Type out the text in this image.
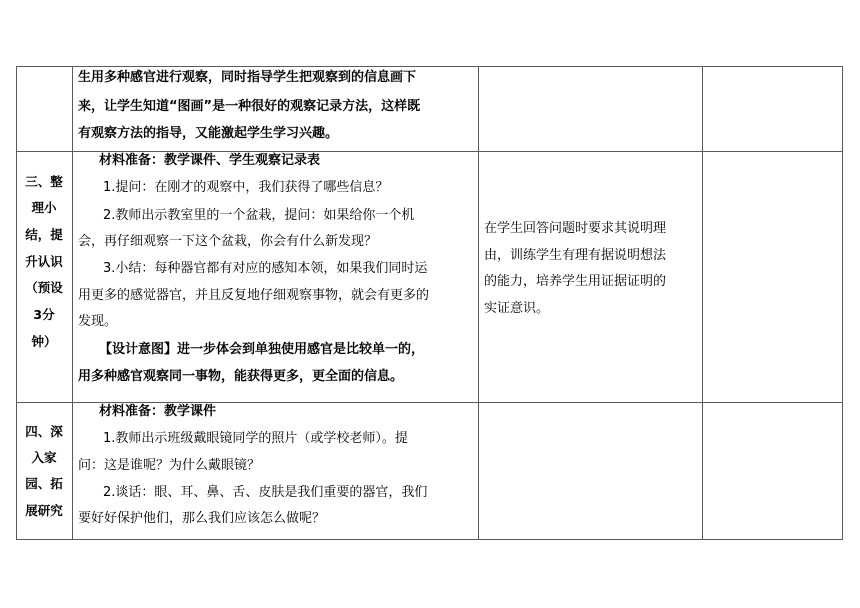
生用多种感官进行观察，同时指导学生把观察到的信息画下
来，让学生知道“图画”是一种很好的观察记录方法，这样既
有观察方法的指导，又能激起学生学习兴趣。
三、整
理小
结，提
升认识
（预设
3分
钟）
材料准备：教学课件、学生观察记录表
1.提问：在刚才的观察中，我们获得了哪些信息？
2.教师出示教室里的一个盆栽，提问：如果给你一个机
会，再仔细观察一下这个盆栽，你会有什么新发现？
3.小结：每种器官都有对应的感知本领，如果我们同时运
用更多的感觉器官，并且反复地仔细观察事物，就会有更多的
发现。
【设计意图】进一步体会到单独使用感官是比较单一的，
用多种感官观察同一事物，能获得更多，更全面的信息。
在学生回答问题时要求其说明理
由，训练学生有理有据说明想法
的能力，培养学生用证据证明的
实证意识。
四、深
入家
园、拓
展研究
材料准备：教学课件
1.教师出示班级戴眼镜同学的照片（或学校老师）。提
问：这是谁呢？为什么戴眼镜？
2.谈话：眼、耳、鼻、舌、皮肤是我们重要的器官，我们
要好好保护他们，那么我们应该怎么做呢？
